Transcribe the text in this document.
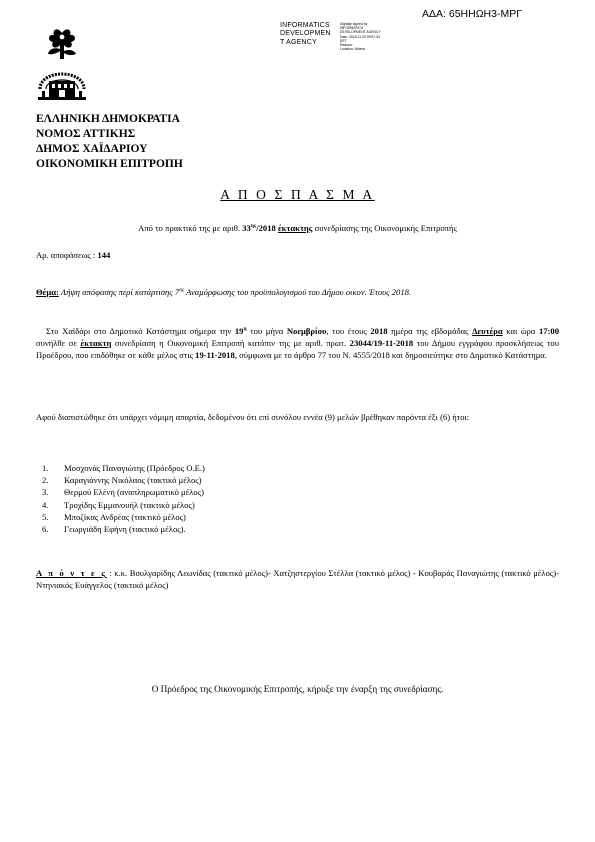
ΑΔΑ: 65ΗΗΩΗ3-ΜΡΓ
INFORMATICS
DEVELOPMEN
T AGENCY
Digitally signed by
INFORMATICS
DEVELOPMENT AGENCY
Date: 2018.11.20 09:57:33
EET
Reason:
Location: Athens
ΕΛΛΗΝΙΚΗ ΔΗΜΟΚΡΑΤΙΑ
ΝΟΜΟΣ ΑΤΤΙΚΗΣ
ΔΗΜΟΣ ΧΑΪΔΑΡΙΟΥ
ΟΙΚΟΝΟΜΙΚΗ ΕΠΙΤΡΟΠΗ
Α Π Ο Σ Π Α Σ Μ Α
Από το πρακτικό της με αριθ. $33^{\eta\varsigma}/2018$ έκτακτης συνεδρίασης της Οικονομικής Επιτροπής
Αρ. αποφάσεως : 144
Θέμα: Λήψη απόφασης περί κατάρτισης $7^{\eta\varsigma}$ Αναμόρφωσης του προϋπολογισμού του Δήμου οικον. Έτους 2018.
Στο Χαϊδάρι στο Δημοτικό Κατάστημα σήμερα την $19^\eta$ του μήνα Νοεμβρίου, του έτους 2018 ημέρα της εβδομάδας Δευτέρα και ώρα 17:00 συνήλθε σε έκτακτη συνεδρίαση η Οικονομική Επιτροπή κατόπιν της με αριθ. πρωτ. 23044/19-11-2018 του Δήμου εγγράφου προσκλήσεως του Προέδρου, που επιδόθηκε σε κάθε μέλος στις 19-11-2018, σύμφωνα με το άρθρο 77 του Ν. 4555/2018 και δημοσιεύτηκε στο Δημοτικό Κατάστημα.
Αφού διαπιστώθηκε ότι υπάρχει νόμιμη απαρτία, δεδομένου ότι επί συνόλου εννέα (9) μελών βρέθηκαν παρόντα έξι (6) ήτοι:
1. Μοσχονάς Παναγιώτης (Πρόεδρος Ο.Ε.)
2. Καραγιάννης Νικόλαος (τακτικό μέλος)
3. Θερμού Ελένη (αναπληρωματικό μέλος)
4. Τροχίδης Εμμανουήλ (τακτικό μέλος)
5. Μποζίκας Ανδρέας (τακτικό μέλος)
6. Γεωργιάδη Εφήνη (τακτικό μέλος).
Α π ό ν τ ε ς : κ.κ. Βουλγαρίδης Λεωνίδας (τακτικό μέλος)- Χατζηστεργίου Στέλλα (τακτικό μέλος) - Κουβαράς Παναγιώτης (τακτικό μέλος)-Ντηνιακός Ευάγγελος (τακτικό μέλος)
Ο Πρόεδρος της Οικονομικής Επιτροπής, κήρυξε την έναρξη της συνεδρίασης.
